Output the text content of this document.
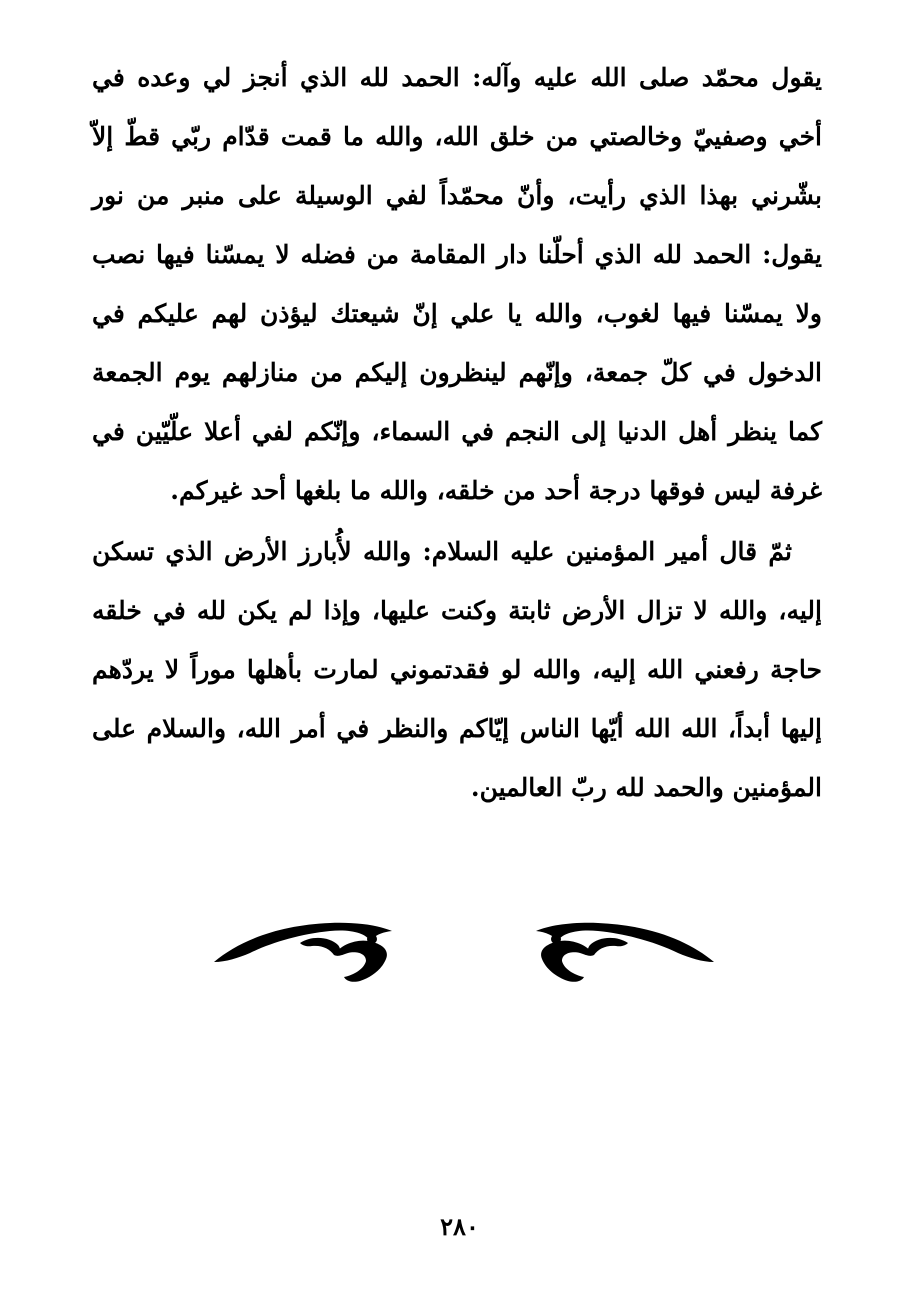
يقول محمّد صلى الله عليه وآله: الحمد لله الذي أنجز لي وعده في أخي وصفييّ وخالصتي من خلق الله، والله ما قمت قدّام ربّي قطّ إلاّ بشّرني بهذا الذي رأيت، وأنّ محمّداً لفي الوسيلة على منبر من نور يقول: الحمد لله الذي أحلّنا دار المقامة من فضله لا يمسّنا فيها نصب ولا يمسّنا فيها لغوب، والله يا علي إنّ شيعتك ليؤذن لهم عليكم في الدخول في كلّ جمعة، وإنّهم لينظرون إليكم من منازلهم يوم الجمعة كما ينظر أهل الدنيا إلى النجم في السماء، وإنّكم لفي أعلا علّيّين في غرفة ليس فوقها درجة أحد من خلقه، والله ما بلغها أحد غيركم.

ثمّ قال أمير المؤمنين عليه السلام: والله لأُبارز الأرض الذي تسكن إليه، والله لا تزال الأرض ثابتة وكنت عليها، وإذا لم يكن لله في خلقه حاجة رفعني الله إليه، والله لو فقدتموني لمارت بأهلها موراً لا يردّهم إليها أبداً، الله الله أيّها الناس إيّاكم والنظر في أمر الله، والسلام على المؤمنين والحمد لله ربّ العالمين.

٢٨٠
